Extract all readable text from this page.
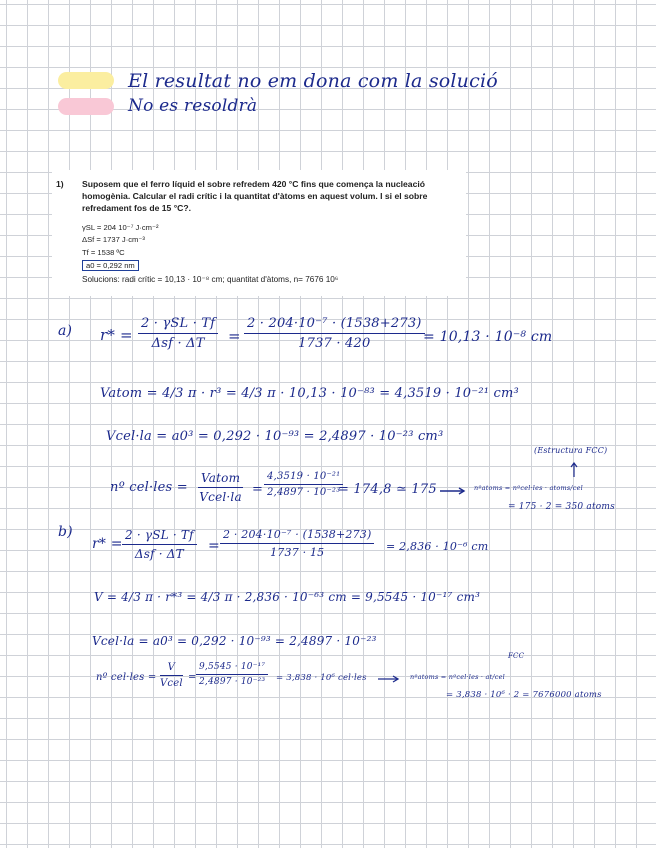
El resultat no em dona com la solució
No es resoldrà
1) Suposem que el ferro líquid el sobre refredem 420 °C fins que comença la nucleació homogènia. Calcular el radi crític i la quantitat d'àtoms en aquest volum. I si el sobre refredament fos de 15 °C?.
γSL = 204 10⁻⁷ J·cm⁻²
ΔSf = 1737 J·cm⁻³
Tf = 1538 ºC
a0 = 0,292 nm
Solucions: radi crític = 10,13 · 10⁻⁸ cm; quantitat d'àtoms, n= 7676 10⁶
a) r* =
2 · γSL · Tf
Δsf · ΔT	= $\frac{\text{2 · 204·10⁻⁷ · (1538+273)}}{1737 \cdot 420}$
= 10,13 · 10⁻⁸ cm
Vatom = 4/3 π · r³ = 4/3 π · 10,13 · 10⁻⁸³ = 4,3519 · 10⁻²¹ cm³
Vcel·la = a0³ = 0,292 · 10⁻⁹³ = 2,4897 · 10⁻²³ cm³
nº cel·les =
Vatom
Vcel·la = $\frac{\text{4,3519 · 10⁻²¹}}{\text{2,4897 · 10⁻²³}}$
= 174,8 ≃ 175
(Estructura FCC)
nºatoms = nºcel·les · atoms/cel
= 175 · 2 = 350 atoms
b)
r* =
2 · γSL · Tf
Δsf · ΔT	= $\frac{\text{2 · 204·10⁻⁷ · (1538+273)}}{1737 \cdot 15} = 2,836 \cdot 10^{-6}$ cm
V = 4/3 π · r*³ = 4/3 π · 2,836 · 10⁻⁶³ cm = 9,5545 · 10⁻¹⁷ cm³
Vcel·la = a0³ = 0,292 · 10⁻⁹³ = 2,4897 · 10⁻²³
nº cel·les =
V
Vcel
= $\frac{\text{9,5545 · 10⁻¹⁷}}{\text{2,4897 · 10⁻²³}} = 3,838 \cdot 10^6$ cel·les
FCC
nºatoms = nºcel·les · at/cel
= 3,838 · 10⁶ · 2 = 7676000 atoms
